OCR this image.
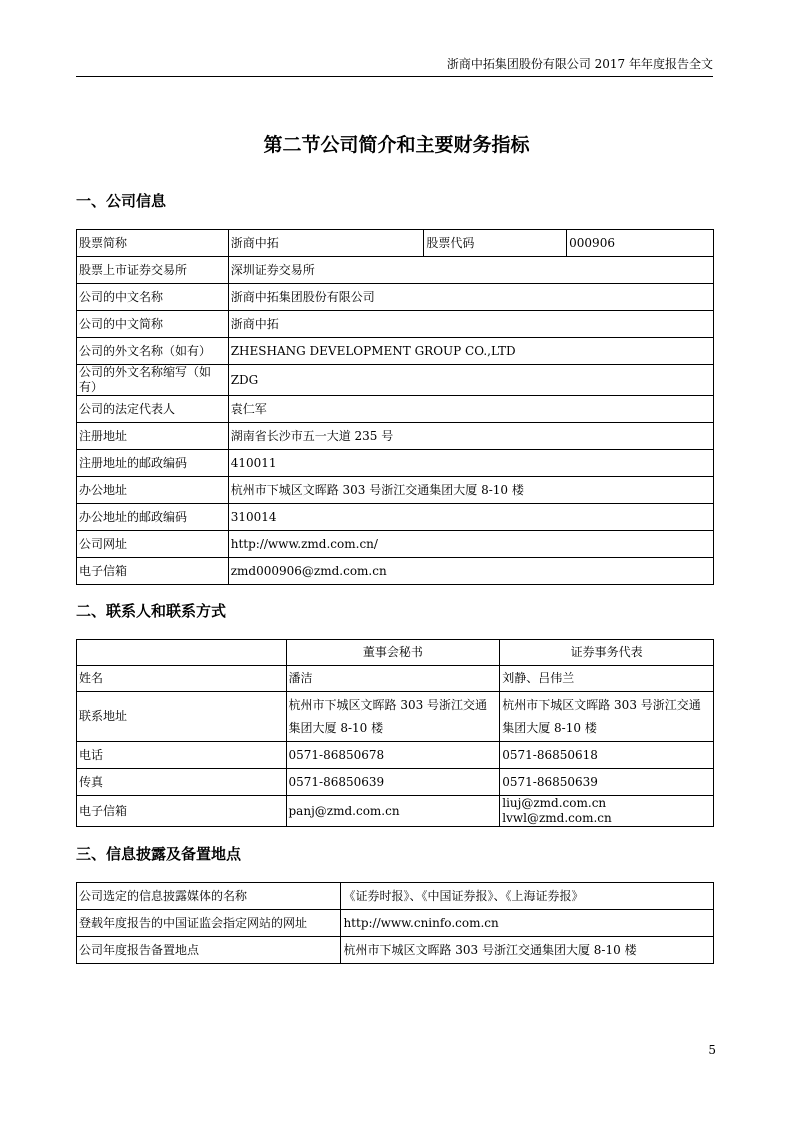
浙商中拓集团股份有限公司 2017 年年度报告全文
第二节公司简介和主要财务指标
一、公司信息
股票简称	浙商中拓	股票代码	000906
股票上市证券交易所	深圳证券交易所		
公司的中文名称	浙商中拓集团股份有限公司		
公司的中文简称	浙商中拓		
公司的外文名称（如有）	ZHESHANG DEVELOPMENT GROUP CO.,LTD		
公司的外文名称缩写（如有）	ZDG		
公司的法定代表人	袁仁军		
注册地址	湖南省长沙市五一大道 235 号		
注册地址的邮政编码	410011		
办公地址	杭州市下城区文晖路 303 号浙江交通集团大厦 8-10 楼		
办公地址的邮政编码	310014		
公司网址	http://www.zmd.com.cn/		
电子信箱	zmd000906@zmd.com.cn		
二、联系人和联系方式
	董事会秘书	证券事务代表
姓名	潘洁	刘静、吕伟兰
联系地址	杭州市下城区文晖路 303 号浙江交通集团大厦 8-10 楼	杭州市下城区文晖路 303 号浙江交通集团大厦 8-10 楼
电话	0571-86850678	0571-86850618
传真	0571-86850639	0571-86850639
电子信箱	panj@zmd.com.cn	liuj@zmd.com.cnlvwl@zmd.com.cn
三、信息披露及备置地点
公司选定的信息披露媒体的名称	《证券时报》、《中国证券报》、《上海证券报》
登载年度报告的中国证监会指定网站的网址	http://www.cninfo.com.cn
公司年度报告备置地点	杭州市下城区文晖路 303 号浙江交通集团大厦 8-10 楼
5
